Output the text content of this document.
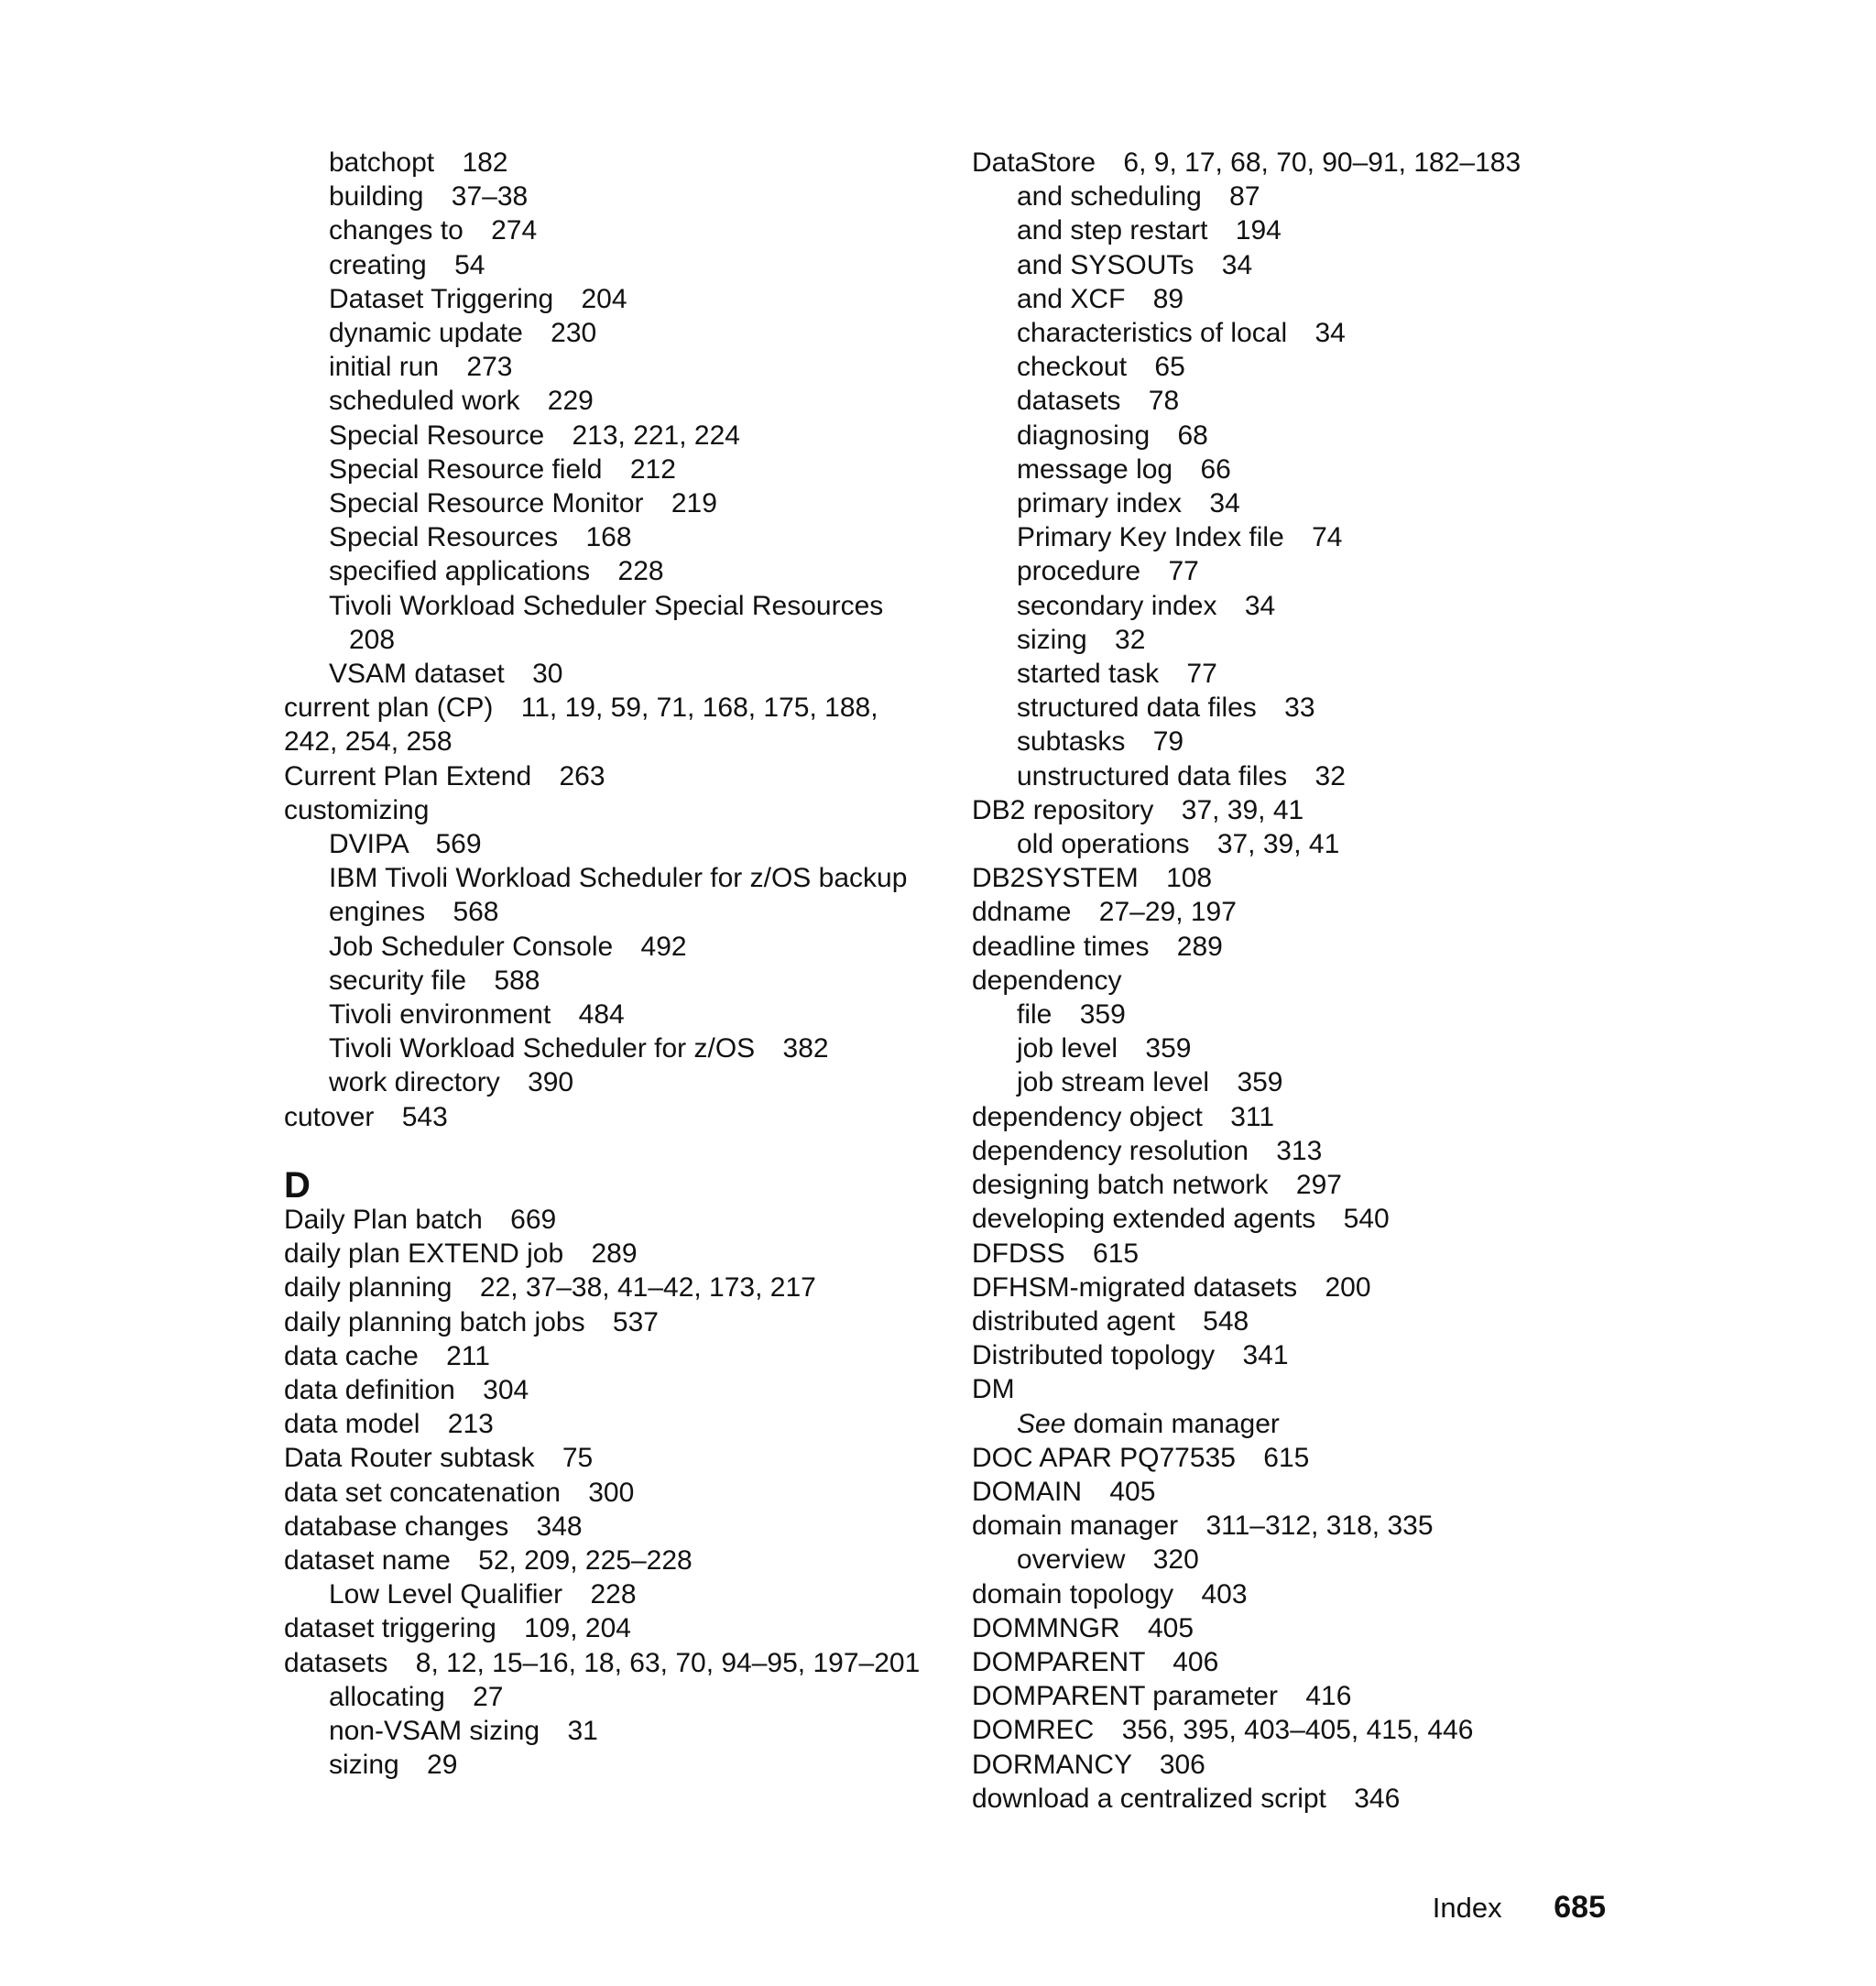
batchopt 182
building 37–38
changes to 274
creating 54
Dataset Triggering 204
dynamic update 230
initial run 273
scheduled work 229
Special Resource 213, 221, 224
Special Resource field 212
Special Resource Monitor 219
Special Resources 168
specified applications 228
Tivoli Workload Scheduler Special Resources 208
VSAM dataset 30
current plan (CP) 11, 19, 59, 71, 168, 175, 188, 242, 254, 258
Current Plan Extend 263
customizing
DVIPA 569
IBM Tivoli Workload Scheduler for z/OS backup engines 568
Job Scheduler Console 492
security file 588
Tivoli environment 484
Tivoli Workload Scheduler for z/OS 382
work directory 390
cutover 543
D
Daily Plan batch 669
daily plan EXTEND job 289
daily planning 22, 37–38, 41–42, 173, 217
daily planning batch jobs 537
data cache 211
data definition 304
data model 213
Data Router subtask 75
data set concatenation 300
database changes 348
dataset name 52, 209, 225–228
Low Level Qualifier 228
dataset triggering 109, 204
datasets 8, 12, 15–16, 18, 63, 70, 94–95, 197–201
allocating 27
non-VSAM sizing 31
sizing 29
DataStore 6, 9, 17, 68, 70, 90–91, 182–183
and scheduling 87
and step restart 194
and SYSOUTs 34
and XCF 89
characteristics of local 34
checkout 65
datasets 78
diagnosing 68
message log 66
primary index 34
Primary Key Index file 74
procedure 77
secondary index 34
sizing 32
started task 77
structured data files 33
subtasks 79
unstructured data files 32
DB2 repository 37, 39, 41
old operations 37, 39, 41
DB2SYSTEM 108
ddname 27–29, 197
deadline times 289
dependency
file 359
job level 359
job stream level 359
dependency object 311
dependency resolution 313
designing batch network 297
developing extended agents 540
DFDSS 615
DFHSM-migrated datasets 200
distributed agent 548
Distributed topology 341
DM
See domain manager
DOC APAR PQ77535 615
DOMAIN 405
domain manager 311–312, 318, 335
overview 320
domain topology 403
DOMMNGR 405
DOMPARENT 406
DOMPARENT parameter 416
DOMREC 356, 395, 403–405, 415, 446
DORMANCY 306
download a centralized script 346
Index 685
